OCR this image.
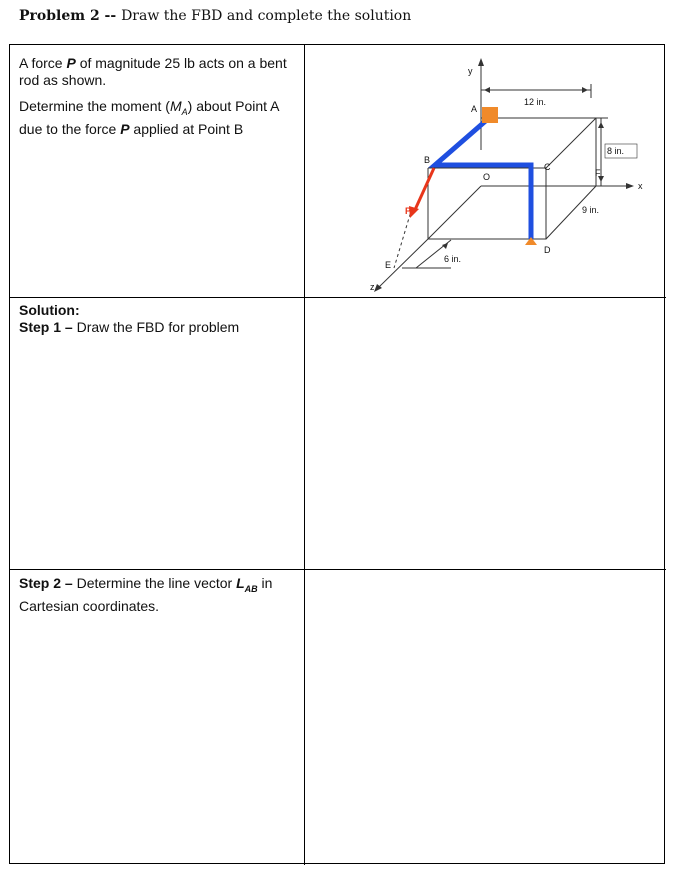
Problem 2 -- Draw the FBD and complete the solution

A force P of magnitude 25 lb acts on a bent rod as shown.

Determine the moment $(M_A)$ about Point A due to the force P applied at Point B

y
x
z
A
B
C
D
E
F
O
P
12 in.
8 in.
9 in.
6 in.
Solution:
Step 1 – Draw the FBD for problem
Step 2 – Determine the line vector $L_{AB}$ in Cartesian coordinates.
